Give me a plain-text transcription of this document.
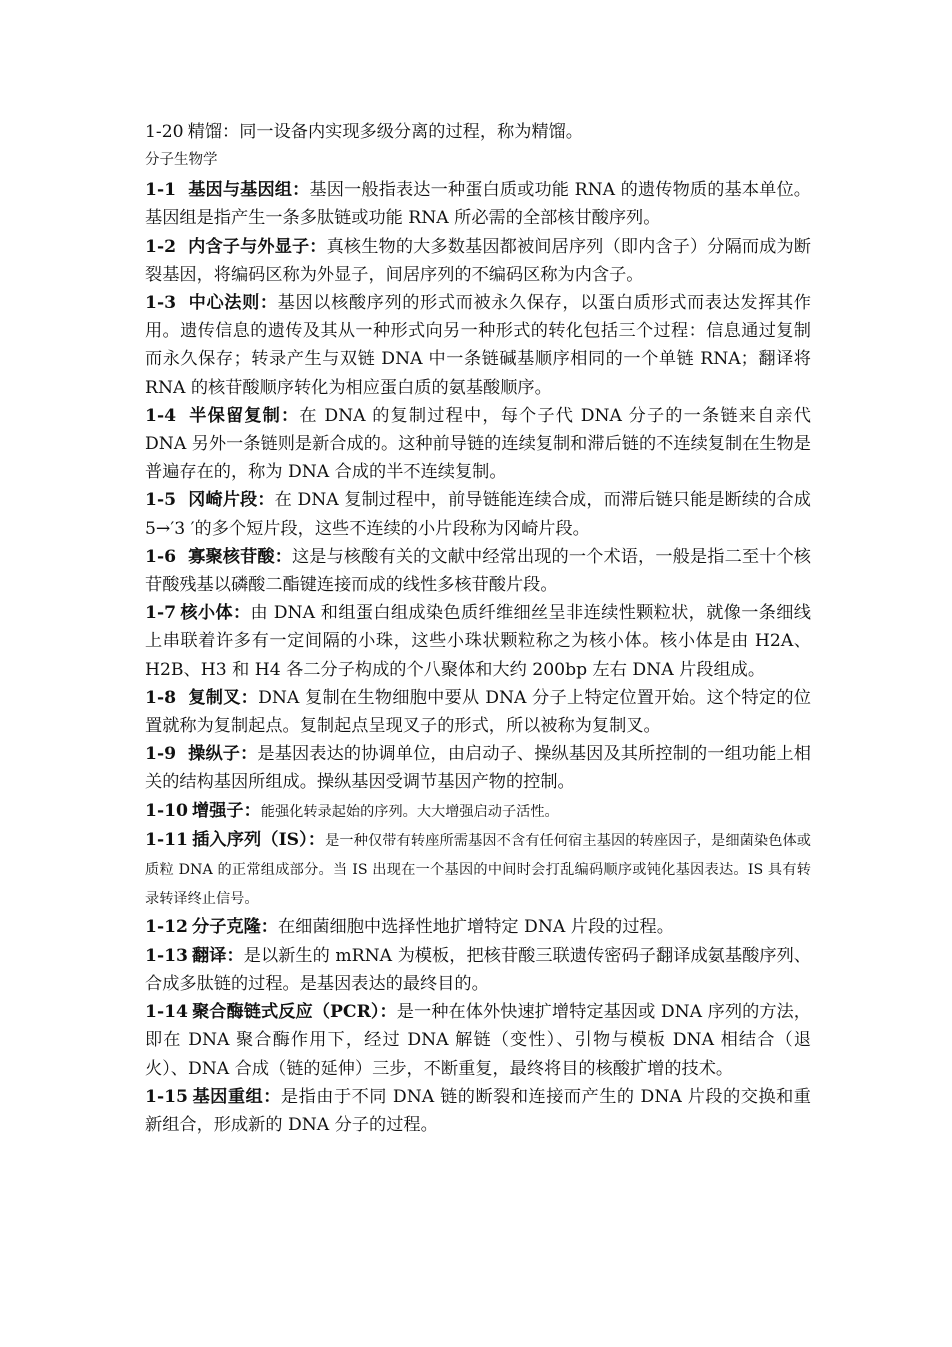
1-20 精馏：同一设备内实现多级分离的过程，称为精馏。

分子生物学

1-1 基因与基因组：基因一般指表达一种蛋白质或功能 RNA 的遗传物质的基本单位。基因组是指产生一条多肽链或功能 RNA 所必需的全部核甘酸序列。

1-2 内含子与外显子：真核生物的大多数基因都被间居序列（即内含子）分隔而成为断裂基因，将编码区称为外显子，间居序列的不编码区称为内含子。

1-3 中心法则：基因以核酸序列的形式而被永久保存，以蛋白质形式而表达发挥其作用。遗传信息的遗传及其从一种形式向另一种形式的转化包括三个过程：信息通过复制而永久保存；转录产生与双链 DNA 中一条链碱基顺序相同的一个单链 RNA；翻译将 RNA 的核苷酸顺序转化为相应蛋白质的氨基酸顺序。

1-4 半保留复制：在 DNA 的复制过程中，每个子代 DNA 分子的一条链来自亲代 DNA 另外一条链则是新合成的。这种前导链的连续复制和滞后链的不连续复制在生物是普遍存在的，称为 DNA 合成的半不连续复制。

1-5 冈崎片段：在 DNA 复制过程中，前导链能连续合成，而滞后链只能是断续的合成 5→′3 ′的多个短片段，这些不连续的小片段称为冈崎片段。

1-6 寡聚核苷酸：这是与核酸有关的文献中经常出现的一个术语，一般是指二至十个核苷酸残基以磷酸二酯键连接而成的线性多核苷酸片段。

1-7 核小体：由 DNA 和组蛋白组成染色质纤维细丝呈非连续性颗粒状，就像一条细线上串联着许多有一定间隔的小珠，这些小珠状颗粒称之为核小体。核小体是由 H2A、H2B、H3 和 H4 各二分子构成的个八聚体和大约 200bp 左右 DNA 片段组成。

1-8 复制叉：DNA 复制在生物细胞中要从 DNA 分子上特定位置开始。这个特定的位置就称为复制起点。复制起点呈现叉子的形式，所以被称为复制叉。

1-9 操纵子：是基因表达的协调单位，由启动子、操纵基因及其所控制的一组功能上相关的结构基因所组成。操纵基因受调节基因产物的控制。

1-10 增强子：能强化转录起始的序列。大大增强启动子活性。

1-11 插入序列（IS）：是一种仅带有转座所需基因不含有任何宿主基因的转座因子，是细菌染色体或质粒 DNA 的正常组成部分。当 IS 出现在一个基因的中间时会打乱编码顺序或钝化基因表达。IS 具有转录转译终止信号。

1-12 分子克隆：在细菌细胞中选择性地扩增特定 DNA 片段的过程。

1-13 翻译：是以新生的 mRNA 为模板，把核苷酸三联遗传密码子翻译成氨基酸序列、合成多肽链的过程。是基因表达的最终目的。

1-14 聚合酶链式反应（PCR）：是一种在体外快速扩增特定基因或 DNA 序列的方法，即在 DNA 聚合酶作用下，经过 DNA 解链（变性）、引物与模板 DNA 相结合（退火）、DNA 合成（链的延伸）三步，不断重复，最终将目的核酸扩增的技术。

1-15 基因重组：是指由于不同 DNA 链的断裂和连接而产生的 DNA 片段的交换和重新组合，形成新的 DNA 分子的过程。
